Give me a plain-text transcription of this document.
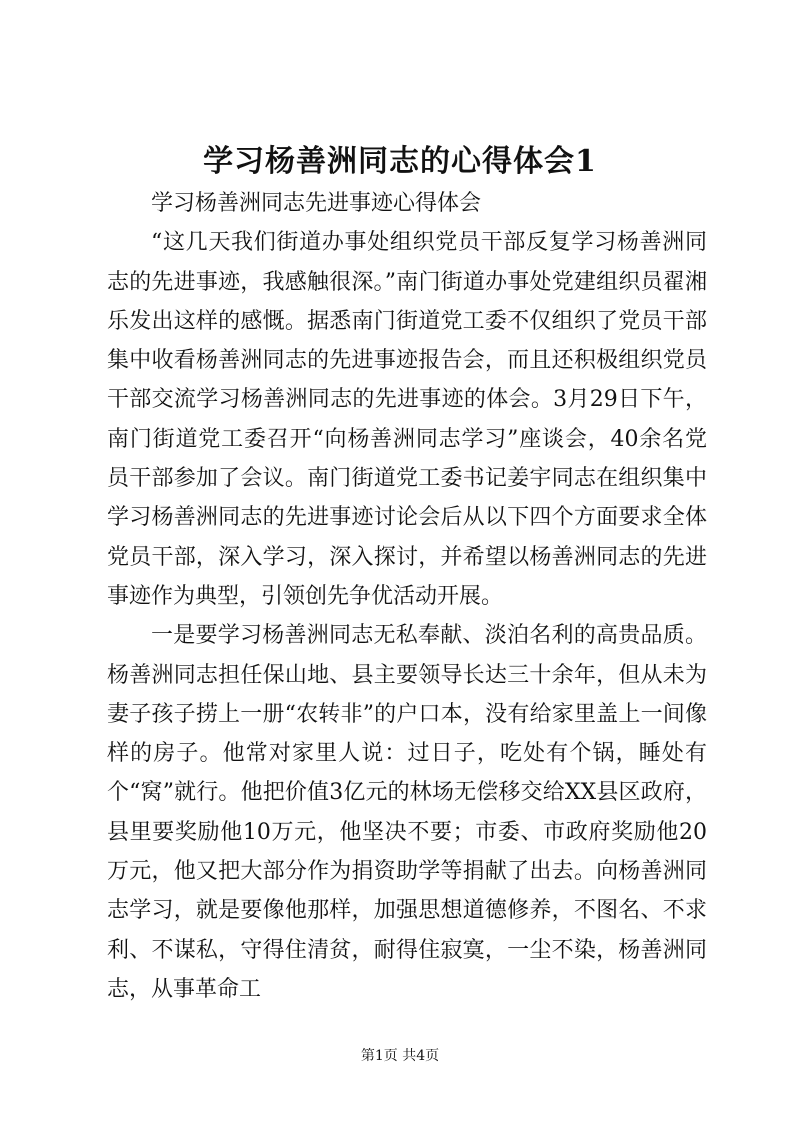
学习杨善洲同志的心得体会1

学习杨善洲同志先进事迹心得体会

“这几天我们街道办事处组织党员干部反复学习杨善洲同志的先进事迹，我感触很深。”南门街道办事处党建组织员翟湘乐发出这样的感慨。据悉南门街道党工委不仅组织了党员干部集中收看杨善洲同志的先进事迹报告会，而且还积极组织党员干部交流学习杨善洲同志的先进事迹的体会。3月29日下午，南门街道党工委召开“向杨善洲同志学习”座谈会，40余名党员干部参加了会议。南门街道党工委书记姜宇同志在组织集中学习杨善洲同志的先进事迹讨论会后从以下四个方面要求全体党员干部，深入学习，深入探讨，并希望以杨善洲同志的先进事迹作为典型，引领创先争优活动开展。

一是要学习杨善洲同志无私奉献、淡泊名利的高贵品质。杨善洲同志担任保山地、县主要领导长达三十余年，但从未为妻子孩子捞上一册“农转非”的户口本，没有给家里盖上一间像样的房子。他常对家里人说：过日子，吃处有个锅，睡处有个“窝”就行。他把价值3亿元的林场无偿移交给XX县区政府，县里要奖励他10万元，他坚决不要；市委、市政府奖励他20万元，他又把大部分作为捐资助学等捐献了出去。向杨善洲同志学习，就是要像他那样，加强思想道德修养，不图名、不求利、不谋私，守得住清贫，耐得住寂寞，一尘不染，杨善洲同志，从事革命工

第1页 共4页
